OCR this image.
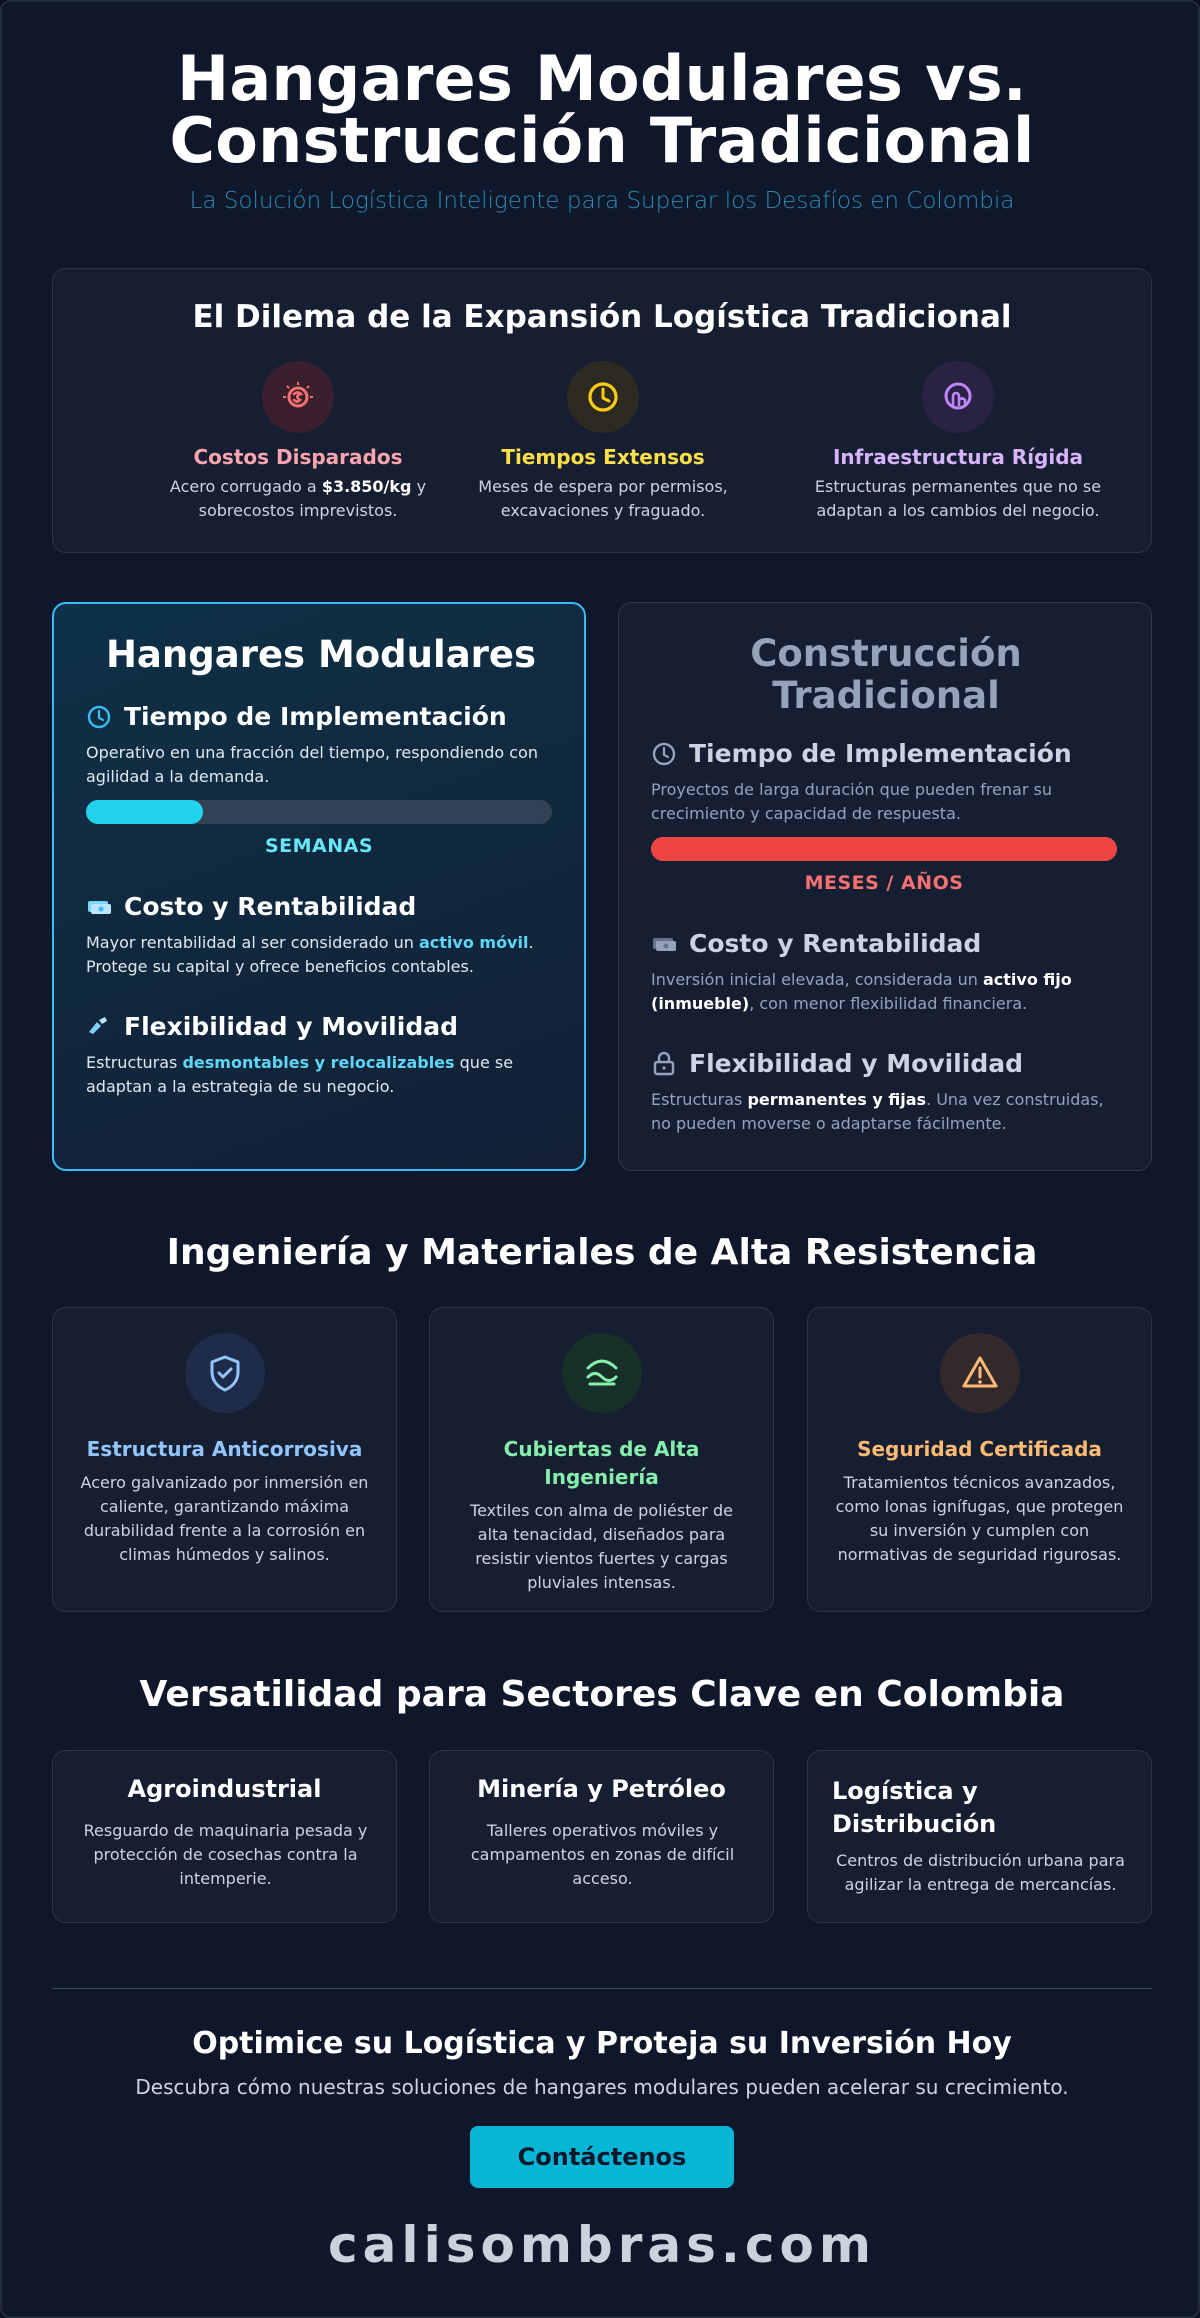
Hangares Modulares vs.
Construcción Tradicional
La Solución Logística Inteligente para Superar los Desafíos en Colombia
El Dilema de la Expansión Logística Tradicional
Costos Disparados
Acero corrugado a $3.850/kg y sobrecostos imprevistos.
Tiempos Extensos
Meses de espera por permisos, excavaciones y fraguado.
Infraestructura Rígida
Estructuras permanentes que no se adaptan a los cambios del negocio.
Hangares Modulares
Tiempo de Implementación
Operativo en una fracción del tiempo, respondiendo con agilidad a la demanda.
SEMANAS
Costo y Rentabilidad
Mayor rentabilidad al ser considerado un activo móvil. Protege su capital y ofrece beneficios contables.
Flexibilidad y Movilidad
Estructuras desmontables y relocalizables que se adaptan a la estrategia de su negocio.
Construcción
Tradicional
Tiempo de Implementación
Proyectos de larga duración que pueden frenar su crecimiento y capacidad de respuesta.
MESES / AÑOS
Costo y Rentabilidad
Inversión inicial elevada, considerada un activo fijo (inmueble), con menor flexibilidad financiera.
Flexibilidad y Movilidad
Estructuras permanentes y fijas. Una vez construidas, no pueden moverse o adaptarse fácilmente.
Ingeniería y Materiales de Alta Resistencia
Estructura Anticorrosiva
Acero galvanizado por inmersión en caliente, garantizando máxima durabilidad frente a la corrosión en climas húmedos y salinos.
Cubiertas de Alta Ingeniería
Textiles con alma de poliéster de alta tenacidad, diseñados para resistir vientos fuertes y cargas pluviales intensas.
Seguridad Certificada
Tratamientos técnicos avanzados, como lonas ignífugas, que protegen su inversión y cumplen con normativas de seguridad rigurosas.
Versatilidad para Sectores Clave en Colombia
Agroindustrial
Resguardo de maquinaria pesada y protección de cosechas contra la intemperie.
Minería y Petróleo
Talleres operativos móviles y campamentos en zonas de difícil acceso.
Logística y Distribución
Centros de distribución urbana para agilizar la entrega de mercancías.
Optimice su Logística y Proteja su Inversión Hoy
Descubra cómo nuestras soluciones de hangares modulares pueden acelerar su crecimiento.
Contáctenos
calisombras.com
